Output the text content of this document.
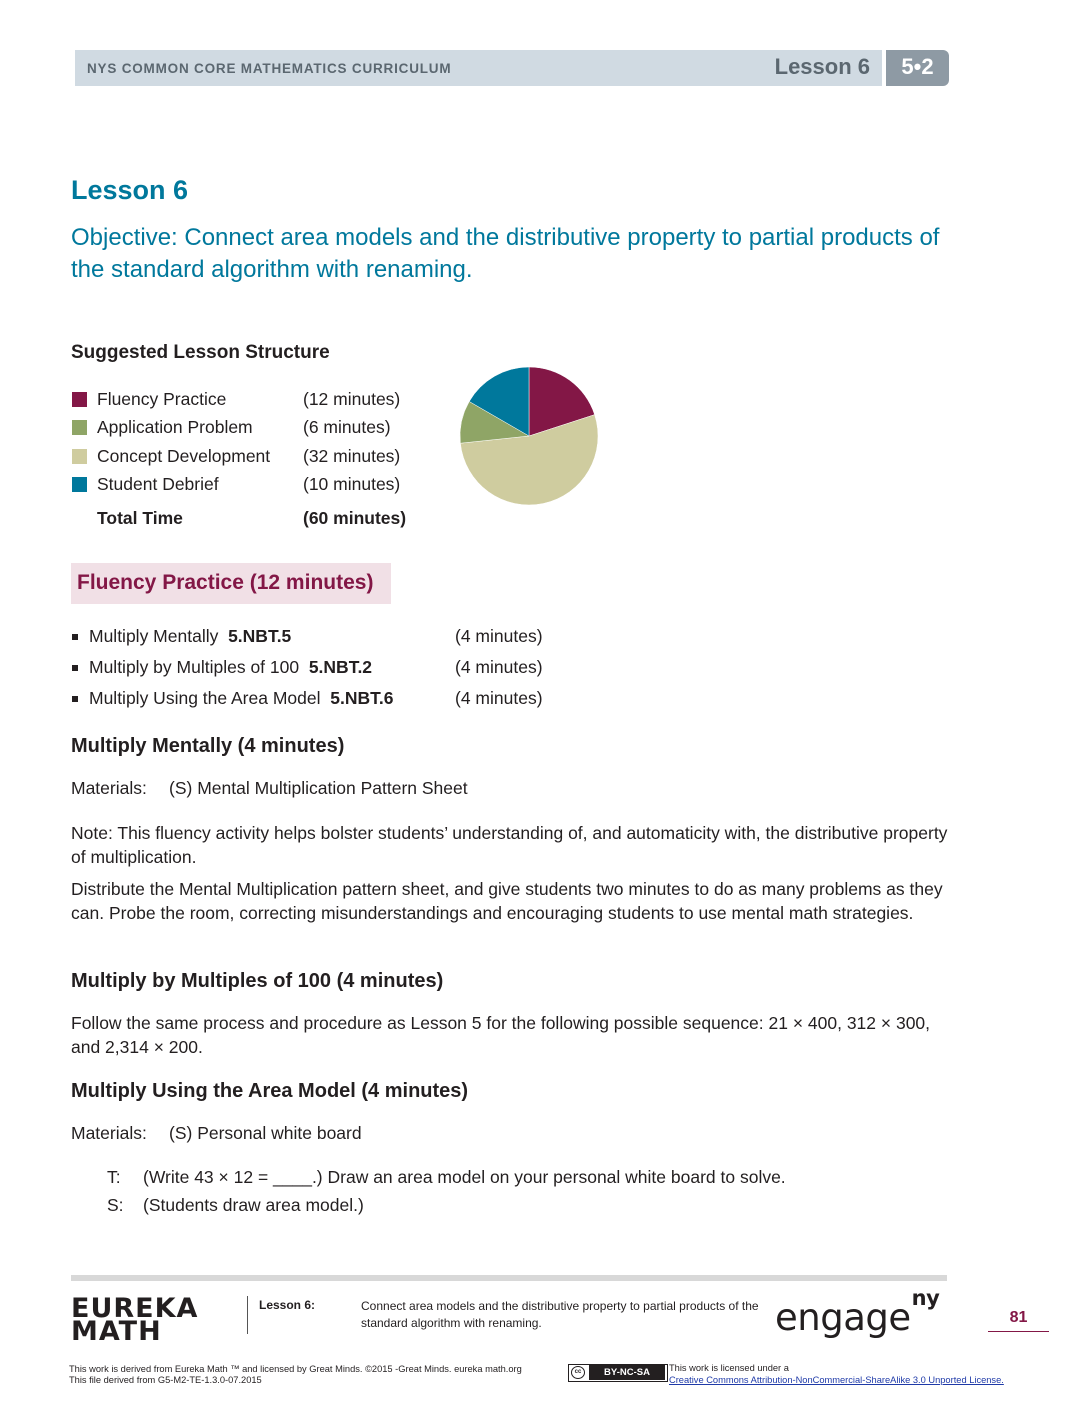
NYS COMMON CORE MATHEMATICS CURRICULUM	Lesson 6	5•2
Lesson 6
Objective: Connect area models and the distributive property to partial products of the standard algorithm with renaming.
Suggested Lesson Structure
Fluency Practice	(12 minutes)
Application Problem	(6 minutes)
Concept Development (32 minutes)
Student Debrief	(10 minutes)
Total Time	(60 minutes)
Fluency Practice (12 minutes)
Multiply Mentally  5.NBT.5	(4 minutes)
Multiply by Multiples of 100  5.NBT.2	(4 minutes)
Multiply Using the Area Model  5.NBT.6	(4 minutes)
Multiply Mentally (4 minutes)
Materials: (S) Mental Multiplication Pattern Sheet
Note: This fluency activity helps bolster students’ understanding of, and automaticity with, the distributive property of multiplication.
Distribute the Mental Multiplication pattern sheet, and give students two minutes to do as many problems as they can. Probe the room, correcting misunderstandings and encouraging students to use mental math strategies.
Multiply by Multiples of 100 (4 minutes)
Follow the same process and procedure as Lesson 5 for the following possible sequence: 21 × 400, 312 × 300, and 2,314 × 200.
Multiply Using the Area Model (4 minutes)
Materials: (S) Personal white board
T: (Write 43 × 12 = ____.) Draw an area model on your personal white board to solve.
S: (Students draw area model.)
EUREKA
MATH
Lesson 6:	Connect area models and the distributive property to partial products of the standard algorithm with renaming.	engage$^{ny}$
81
This work is derived from Eureka Math ™ and licensed by Great Minds. ©2015 -Great Minds. eureka math.org
This file derived from G5-M2-TE-1.3.0-07.2015
cc	BY-NC-SA	This work is licensed under a
Creative Commons Attribution-NonCommercial-ShareAlike 3.0 Unported License.
